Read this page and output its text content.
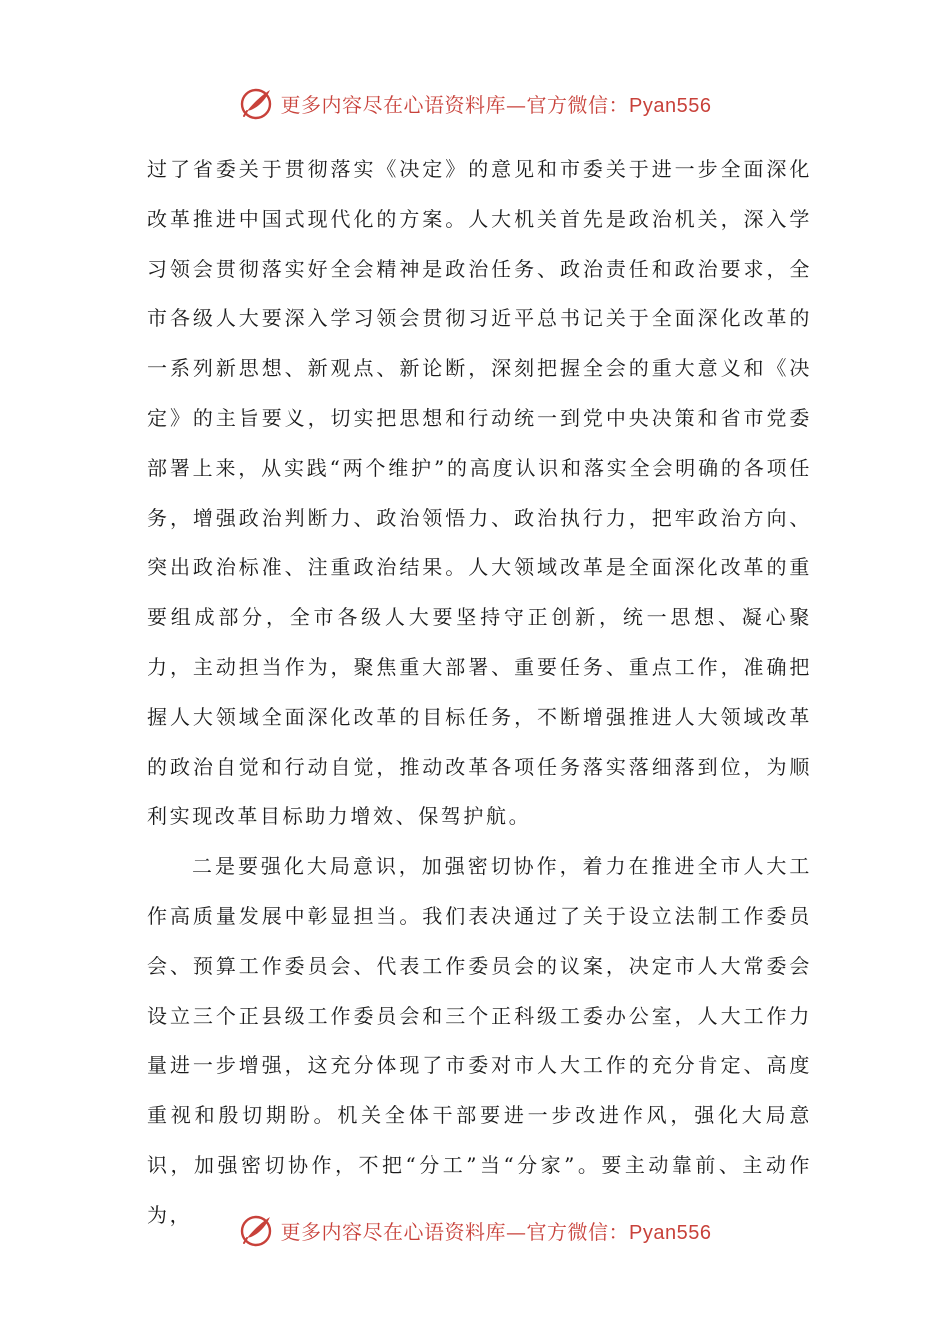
更多内容尽在心语资料库—官方微信：Pyan556

过了省委关于贯彻落实《决定》的意见和市委关于进一步全面深化改革推进中国式现代化的方案。人大机关首先是政治机关，深入学习领会贯彻落实好全会精神是政治任务、政治责任和政治要求，全市各级人大要深入学习领会贯彻习近平总书记关于全面深化改革的一系列新思想、新观点、新论断，深刻把握全会的重大意义和《决定》的主旨要义，切实把思想和行动统一到党中央决策和省市党委部署上来，从实践“两个维护”的高度认识和落实全会明确的各项任务，增强政治判断力、政治领悟力、政治执行力，把牢政治方向、突出政治标准、注重政治结果。人大领域改革是全面深化改革的重要组成部分，全市各级人大要坚持守正创新，统一思想、凝心聚力，主动担当作为，聚焦重大部署、重要任务、重点工作，准确把握人大领域全面深化改革的目标任务，不断增强推进人大领域改革的政治自觉和行动自觉，推动改革各项任务落实落细落到位，为顺利实现改革目标助力增效、保驾护航。

二是要强化大局意识，加强密切协作，着力在推进全市人大工作高质量发展中彰显担当。我们表决通过了关于设立法制工作委员会、预算工作委员会、代表工作委员会的议案，决定市人大常委会设立三个正县级工作委员会和三个正科级工委办公室，人大工作力量进一步增强，这充分体现了市委对市人大工作的充分肯定、高度重视和殷切期盼。机关全体干部要进一步改进作风，强化大局意识，加强密切协作，不把“分工”当“分家”。要主动靠前、主动作为，

更多内容尽在心语资料库—官方微信：Pyan556
